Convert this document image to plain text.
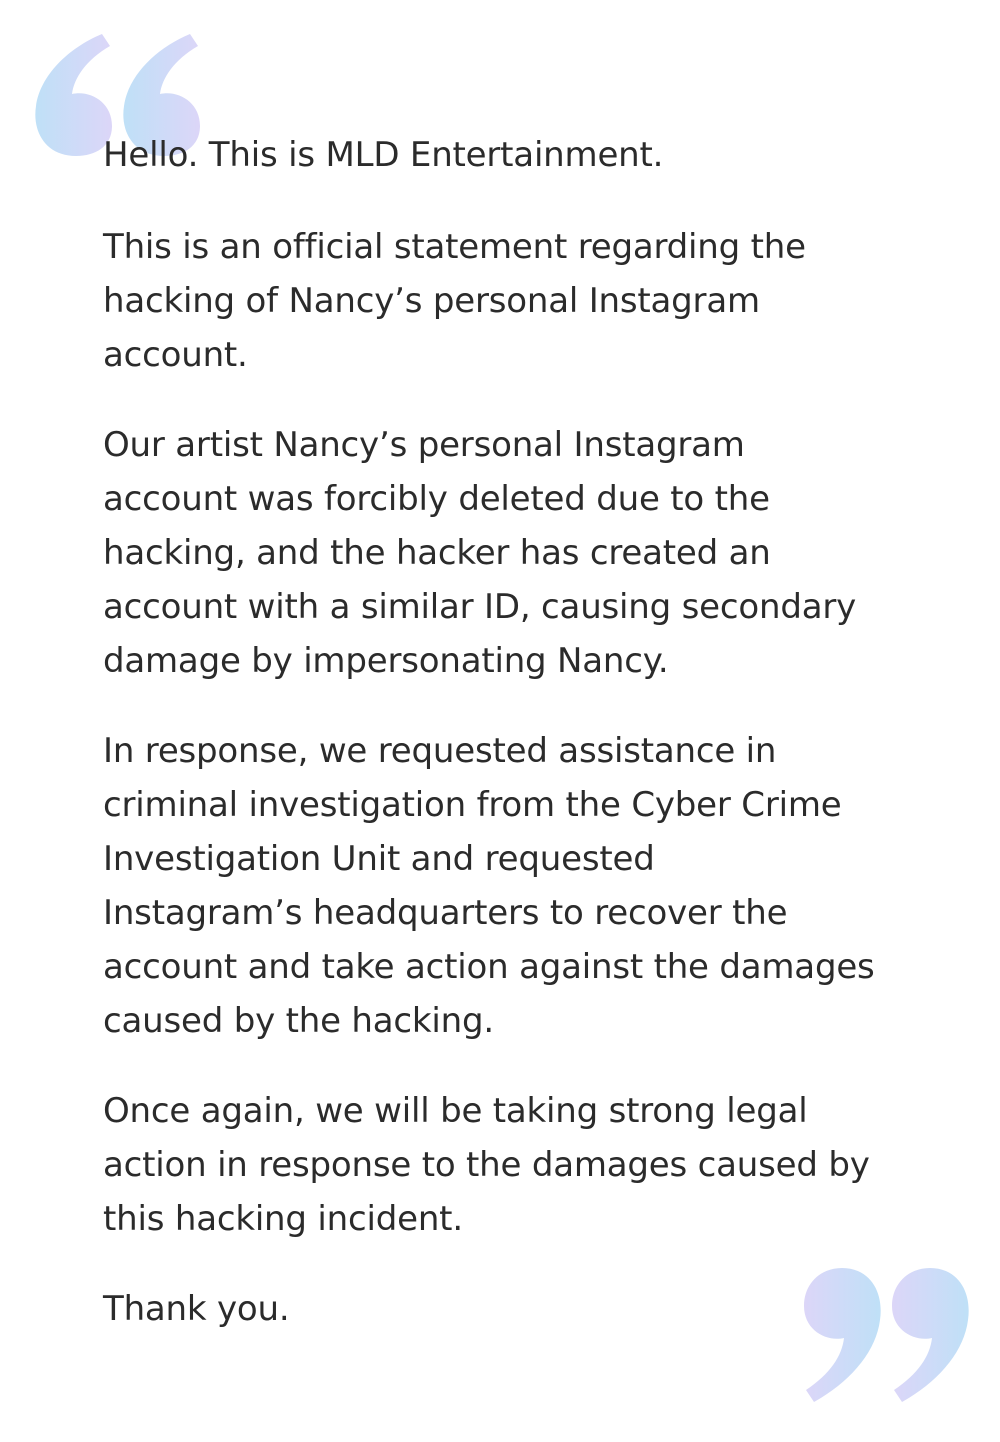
Hello. This is MLD Entertainment.

This is an official statement regarding the
hacking of Nancy’s personal Instagram
account.

Our artist Nancy’s personal Instagram
account was forcibly deleted due to the
hacking, and the hacker has created an
account with a similar ID, causing secondary
damage by impersonating Nancy.

In response, we requested assistance in
criminal investigation from the Cyber Crime
Investigation Unit and requested
Instagram’s headquarters to recover the
account and take action against the damages
caused by the hacking.

Once again, we will be taking strong legal
action in response to the damages caused by
this hacking incident.

Thank you.
